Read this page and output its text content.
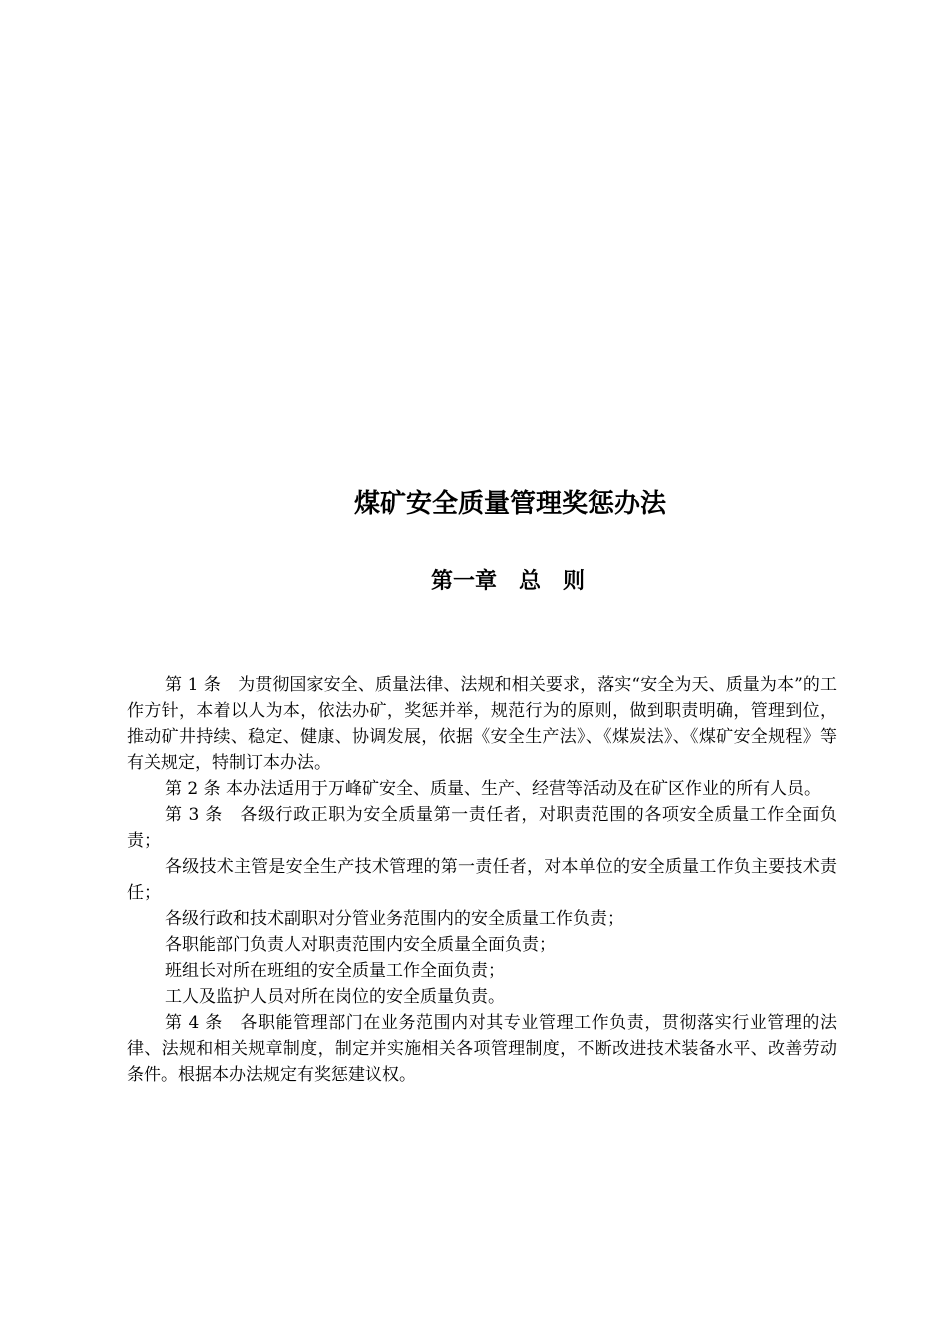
煤矿安全质量管理奖惩办法
第一章　总　则

第 1 条　为贯彻国家安全、质量法律、法规和相关要求，落实“安全为天、质量为本”的工作方针，本着以人为本，依法办矿，奖惩并举，规范行为的原则，做到职责明确，管理到位，推动矿井持续、稳定、健康、协调发展，依据《安全生产法》、《煤炭法》、《煤矿安全规程》等有关规定，特制订本办法。

第 2 条 本办法适用于万峰矿安全、质量、生产、经营等活动及在矿区作业的所有人员。

第 3 条　各级行政正职为安全质量第一责任者，对职责范围的各项安全质量工作全面负责；

各级技术主管是安全生产技术管理的第一责任者，对本单位的安全质量工作负主要技术责任；

各级行政和技术副职对分管业务范围内的安全质量工作负责；

各职能部门负责人对职责范围内安全质量全面负责；

班组长对所在班组的安全质量工作全面负责；

工人及监护人员对所在岗位的安全质量负责。

第 4 条　各职能管理部门在业务范围内对其专业管理工作负责，贯彻落实行业管理的法律、法规和相关规章制度，制定并实施相关各项管理制度，不断改进技术装备水平、改善劳动条件。根据本办法规定有奖惩建议权。
